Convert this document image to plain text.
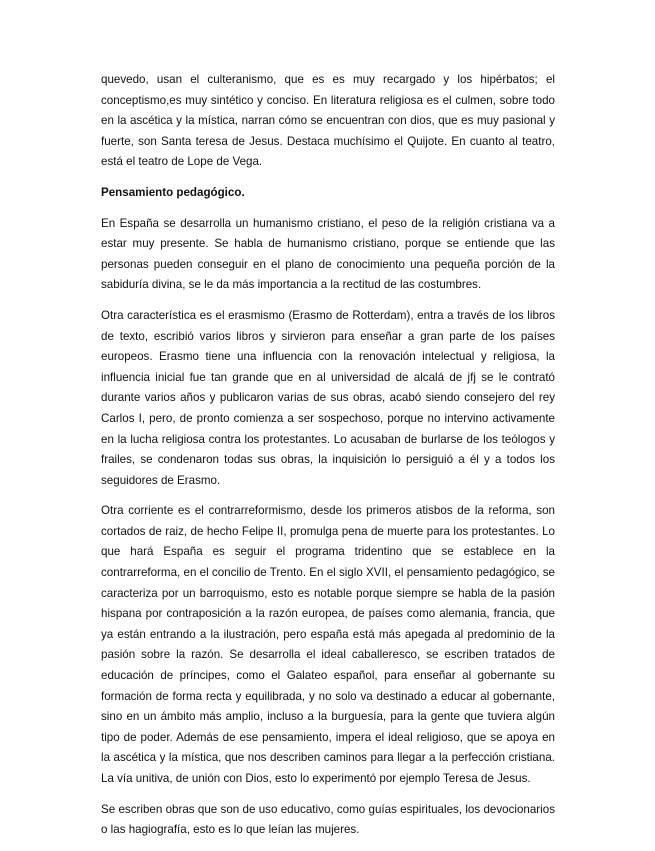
quevedo, usan el culteranismo, que es es muy recargado y los hipérbatos; el conceptismo,es muy sintético y conciso. En literatura religiosa es el culmen, sobre todo en la ascética y la mística, narran cómo se encuentran con dios, que es muy pasional y fuerte, son Santa teresa de Jesus. Destaca muchísimo el Quijote. En cuanto al teatro, está el teatro de Lope de Vega.

Pensamiento pedagógico.

En España se desarrolla un humanismo cristiano, el peso de la religión cristiana va a estar muy presente. Se habla de humanismo cristiano, porque se entiende que las personas pueden conseguir en el plano de conocimiento una pequeña porción de la sabiduría divina, se le da más importancia a la rectitud de las costumbres.

Otra característica es el erasmismo (Erasmo de Rotterdam), entra a través de los libros de texto, escribió varios libros y sirvieron para enseñar a gran parte de los países europeos. Erasmo tiene una influencia con la renovación intelectual y religiosa, la influencia inicial fue tan grande que en al universidad de alcalá de jfj se le contrató durante varios años y publicaron varias de sus obras, acabó siendo consejero del rey Carlos I, pero, de pronto comienza a ser sospechoso, porque no intervino activamente en la lucha religiosa contra los protestantes. Lo acusaban de burlarse de los teólogos y frailes, se condenaron todas sus obras, la inquisición lo persiguió a él y a todos los seguidores de Erasmo.

Otra corriente es el contrarreformismo, desde los primeros atisbos de la reforma, son cortados de raiz, de hecho Felipe II, promulga pena de muerte para los protestantes. Lo que hará España es seguir el programa tridentino que se establece en la contrarreforma, en el concilio de Trento. En el siglo XVII, el pensamiento pedagógico, se caracteriza por un barroquismo, esto es notable porque siempre se habla de la pasión hispana por contraposición a la razón europea, de países como alemania, francia, que ya están entrando a la ilustración, pero españa está más apegada al predominio de la pasión sobre la razón. Se desarrolla el ideal caballeresco, se escriben tratados de educación de príncipes, como el Galateo español, para enseñar al gobernante su formación de forma recta y equilibrada, y no solo va destinado a educar al gobernante, sino en un ámbito más amplio, incluso a la burguesía, para la gente que tuviera algún tipo de poder. Además de ese pensamiento, impera el ideal religioso, que se apoya en la ascética y la mística, que nos describen caminos para llegar a la perfección cristiana. La vía unitiva, de unión con Dios, esto lo experimentó por ejemplo Teresa de Jesus.

Se escriben obras que son de uso educativo, como guías espirituales, los devocionarios o las hagiografía, esto es lo que leían las mujeres.
